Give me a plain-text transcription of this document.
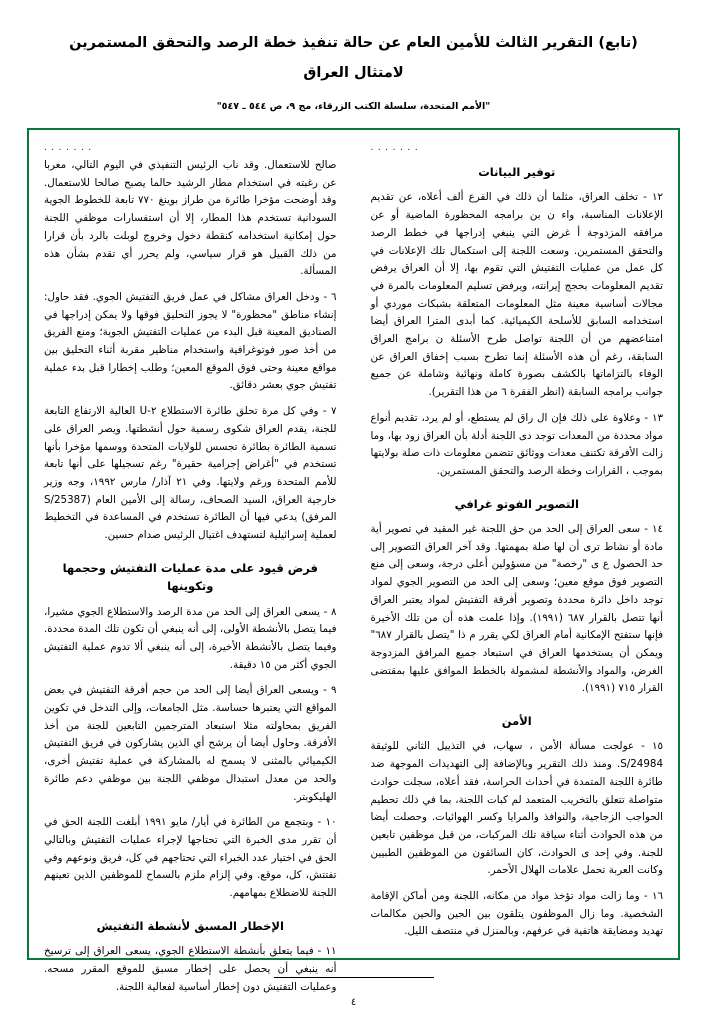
(تابع) التقرير الثالث للأمين العام عن حالة تنفيذ خطة الرصد والتحقق المستمرين
لامتثال العراق
"الأمم المتحدة، سلسلة الكتب الزرقاء، مج ٩، ص ٥٤٤ ـ ٥٤٧"
. . . . . . .
توفير البيانات

١٢ - تخلف العراق، مثلما أن ذلك في الفرع ألف أعلاه، عن تقديم الإعلانات المناسبة، واء ن بن برامجه المحظورة الماضية أو عن مرافقه المزدوجة أ غرض التي ينبغي إدراجها في خطط الرصد والتحقق المستمرين. وسعت اللجنة إلى استكمال تلك الإعلانات في كل عمل من عمليات التفتيش التي تقوم بها، إلا أن العراق يرفض تقديم المعلومات بحجج إيرانته، ويرفض تسليم المعلومات بالمرة في مجالات أساسية معينة مثل المعلومات المتعلقة بشبكات موردي أو استخدامه السابق للأسلحة الكيميائية. كما أبدى المترا العراق أيضا امتناعضهم من أن اللجنة تواصل طرح الأسئلة ن برامج العراق السابقة، رغم أن هذه الأسئلة إنما تطرح بسبب إخفاق العراق عن الوفاء بالتزاماتها بالكشف بصورة كاملة ونهائية وشاملة عن جميع جوانب برامجه السابقة (انظر الفقرة ٦ من هذا التقرير).

١٣ - وعلاوة على ذلك فإن ال راق لم يستطع، أو لم يرد، تقديم أنواع مواد محددة من المعدات توجد دى اللجنة أدلة بأن العراق زود بها، وما زالت الأفرقة تكتنف معدات ووثائق تتضمن معلومات ذات صلة بولايتها بموجب ، القرارات وخطة الرصد والتحقق المستمرين.

التصوير الفوتو غرافي

١٤ - سعى العراق إلى الحد من حق اللجنة غير المقيد في تصوير أية مادة أو نشاط ترى أن لها صلة بمهمتها. وقد آخر العراق التصوير إلى حد الحصول ع ى "رخصة" من مسؤولين أعلى درجة، وسعى إلى منع التصوير فوق موقع معين؛ وسعى إلى الحد من التصوير الجوي لمواد توجد داخل دائرة محددة وتصوير أفرقة التفتيش لمواد يعتبر العراق أنها تتصل بالقرار ٦٨٧ (١٩٩١). وإذا علمت هذه أن من تلك الأخيرة فإنها ستفتح الإمكانية أمام العراق لكي يقرر م ذا "يتصل بالقرار ٦٨٧" ويمكن أن يستخدمها العراق في استبعاد جميع المرافق المزدوجة الغرض، والمواد والأنشطة لمشمولة بالخطط الموافق عليها بمقتضى القرار ٧١٥ (١٩٩١).

الأمن

١٥ - عولجت مسألة الأمن ، سهاب، في التذييل الثاني للوثيقة S/24984. ومنذ ذلك التقرير وبالإضافة إلى التهديدات الموجهة ضد طائرة اللجنة المتمدة في أحداث الحراسة، فقد أعلاه، سجلت حوادث متواصلة تتعلق بالتخريب المتعمد لم كبات اللجنة، بما في ذلك تحطيم الحواجب الزجاجية، والنوافذ والمرايا وكسر الهوائيات. وحصلت أيضا من هذه الحوادث أثناء سياقة تلك المركبات، من قبل موظفين تابعين للجنة. وفي إحد ى الحوادث، كان السائقون من الموظفين الطبيين وكانت العربة تحمل علامات الهلال الأحمر.

١٦ - وما زالت مواد تؤخذ مواد من مكانه، اللجنة ومن أماكن الإقامة الشخصية. وما زال الموظفون يتلقون بين الحين والحين مكالمات تهديد ومضايقة هاتفية في عرفهم، وبالمنزل في منتصف الليل.

. . . . . . .

صالح للاستعمال. وقد ناب الرئيس التنفيذي في اليوم التالي، معربا عن رغبته في استخدام مطار الرشيد حالما يصبح صالحا للاستعمال. وقد أوضحت مؤخرا طائرة من طراز بوينغ ٧٧٠ تابعة للخطوط الجوية السودانية تستخدم هذا المطار، إلا أن استفسارات موظفي اللجنة حول إمكانية استخدامه كنقطة دخول وخروج لوبلت بالرد بأن قرارا من ذلك القبيل هو قرار سياسي، ولم يحرر أي تقدم بشأن هذه المسألة.

٦ - ودخل العراق مشاكل في عمل فريق التفتيش الجوي. فقد حاول: إنشاء مناطق "محظورة" لا يجوز التحليق فوقها ولا يمكن إدراجها في الصناديق المعينة قبل البدء من عمليات التفتيش الجوية؛ ومنع الفريق من أخذ صور فوتوغرافية واستخدام مناظير مقربة أثناء التحليق بين مواقع معينة وحتى فوق الموقع المعين؛ وطلب إخطارا قبل بدء عملية تفتيش جوي بعشر دقائق.

٧ - وفي كل مرة تحلق طائرة الاستطلاع ٢-U العالية الارتفاع التابعة للجنة، يقدم العراق شكوى رسمية حول أنشطتها. ويصر العراق على تسمية الطائرة بطائرة تجسس للولايات المتحدة ووسمها مؤخرا بأنها تستخدم في "أغراض إجرامية حقيرة" رغم تسجيلها على أنها تابعة للأمم المتحدة ورغم ولايتها. وفي ٢١ آذار/ مارس ١٩٩٢، وجه وزير خارجية العراق، السيد الصحاف، رسالة إلى الأمين العام (S/25387 المرفق) يدعي فيها أن الطائرة تستخدم في المساعدة في التخطيط لعملية إسرائيلية لتستهدف اغتيال الرئيس صدام حسين.

فرض قيود على مدة عمليات التفتيش وحجمها وتكوينها

٨ - يسعى العراق إلى الحد من مدة الرصد والاستطلاع الجوي مشيرا، فيما يتصل بالأنشطة الأولى، إلى أنه ينبغي أن تكون تلك المدة محددة. وفيما يتصل بالأنشطة الأخيرة، إلى أنه ينبغي ألا تدوم عملية التفتيش الجوي أكثر من ١٥ دقيقة.

٩ - ويسعى العراق أيضا إلى الحد من حجم أفرقة التفتيش في بعض المواقع التي يعتبرها حساسة. مثل الجامعات، وإلى التدخل في تكوين الفريق بمحاولته مثلا استبعاد المترجمين التابعين للجنة من أخذ الأفرقة. وحاول أيضا أن يرشح أي الذين يشاركون في فريق التفتيش الكيميائي بالمثنى لا يسمح له بالمشاركة في عملية تفتيش أخرى، والحد من معدل استبدال موظفي اللجنة بين موظفي دعم طائرة الهليكوبتر.

١٠ - وبتجمع من الطائرة في أيار/ مايو ١٩٩١ أبلغت اللجنة الحق في أن تقرر مدى الخبرة التي تحتاجها لإجراء عمليات التفتيش وبالتالي الحق في اختيار عدد الخبراء التي تحتاجهم في كل، فريق ونوعهم وفي تفتتش، كل، موقع. وفي إلزام ملزم بالسماح للموظفين الذين تعينهم اللجنة للاضطلاع بمهامهم.

الإخطار المسبق لأنشطة التفتيش

١١ - فيما يتعلق بأنشطة الاستطلاع الجوي، يسعى العراق إلى ترسيخ أنه ينبغي أن يحصل على إخطار مسبق للموقع المقرر مسحه. وعمليات التفتيش دون إخطار أساسية لفعالية اللجنة.

٤
